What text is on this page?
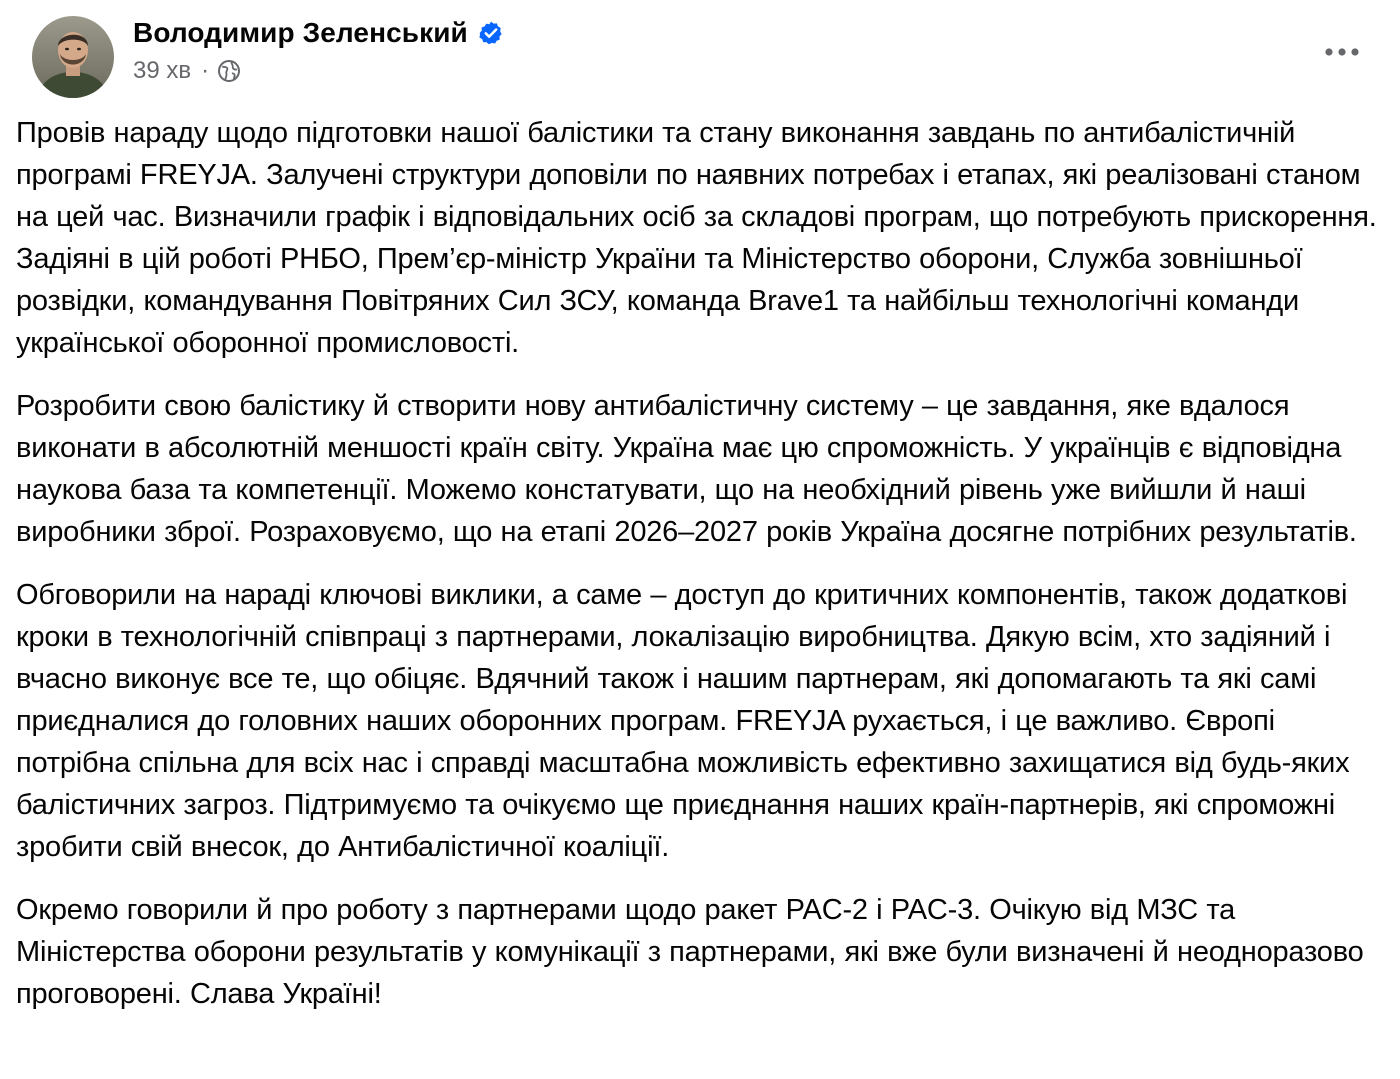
Володимир Зеленський
39 хв ·

Провів нараду щодо підготовки нашої балістики та стану виконання завдань по антибалістичній програмі FREYJA. Залучені структури доповіли по наявних потребах і етапах, які реалізовані станом на цей час. Визначили графік і відповідальних осіб за складові програм, що потребують прискорення. Задіяні в цій роботі РНБО, Прем’єр-міністр України та Міністерство оборони, Служба зовнішньої розвідки, командування Повітряних Сил ЗСУ, команда Brave1 та найбільш технологічні команди української оборонної промисловості.

Розробити свою балістику й створити нову антибалістичну систему – це завдання, яке вдалося виконати в абсолютній меншості країн світу. Україна має цю спроможність. У українців є відповідна наукова база та компетенції. Можемо констатувати, що на необхідний рівень уже вийшли й наші виробники зброї. Розраховуємо, що на етапі 2026–2027 років Україна досягне потрібних результатів.

Обговорили на нараді ключові виклики, а саме – доступ до критичних компонентів, також додаткові кроки в технологічній співпраці з партнерами, локалізацію виробництва. Дякую всім, хто задіяний і вчасно виконує все те, що обіцяє. Вдячний також і нашим партнерам, які допомагають та які самі приєдналися до головних наших оборонних програм. FREYJA рухається, і це важливо. Європі потрібна спільна для всіх нас і справді масштабна можливість ефективно захищатися від будь-яких балістичних загроз. Підтримуємо та очікуємо ще приєднання наших країн-партнерів, які спроможні зробити свій внесок, до Антибалістичної коаліції.

Окремо говорили й про роботу з партнерами щодо ракет PAC-2 і PAC-3. Очікую від МЗС та Міністерства оборони результатів у комунікації з партнерами, які вже були визначені й неодноразово проговорені. Слава Україні!
